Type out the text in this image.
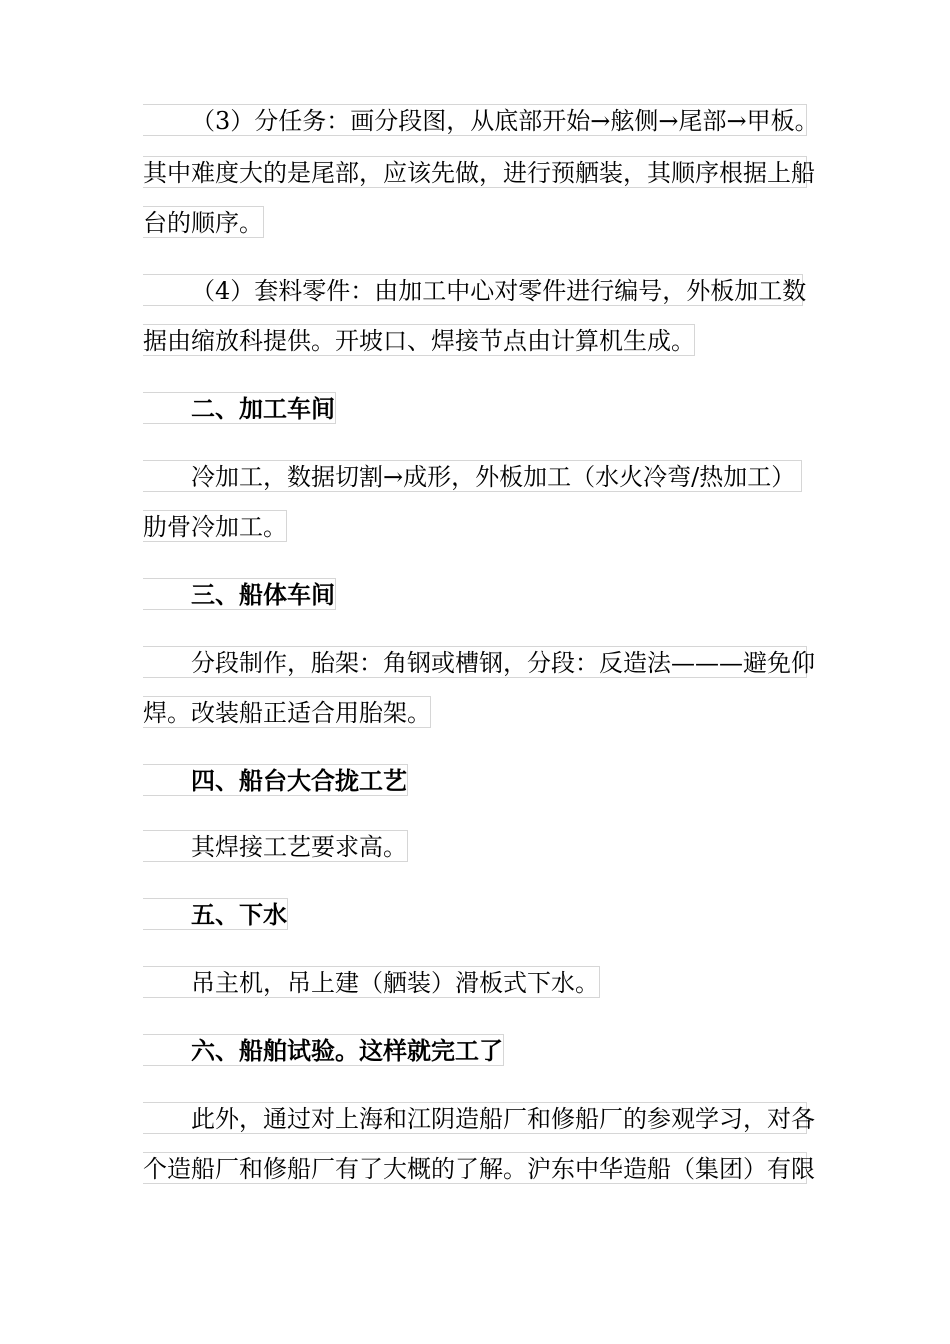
（3）分任务：画分段图，从底部开始→舷侧→尾部→甲板。
其中难度大的是尾部，应该先做，进行预舾装，其顺序根据上船
台的顺序。
（4）套料零件：由加工中心对零件进行编号，外板加工数
据由缩放科提供。开坡口、焊接节点由计算机生成。
二、加工车间
冷加工，数据切割→成形，外板加工（水火冷弯/热加工）
肋骨冷加工。
三、船体车间
分段制作，胎架：角钢或槽钢，分段：反造法———避免仰
焊。改装船正适合用胎架。
四、船台大合拢工艺
其焊接工艺要求高。
五、下水
吊主机，吊上建（舾装）滑板式下水。
六、船舶试验。这样就完工了
此外，通过对上海和江阴造船厂和修船厂的参观学习，对各
个造船厂和修船厂有了大概的了解。沪东中华造船（集团）有限
